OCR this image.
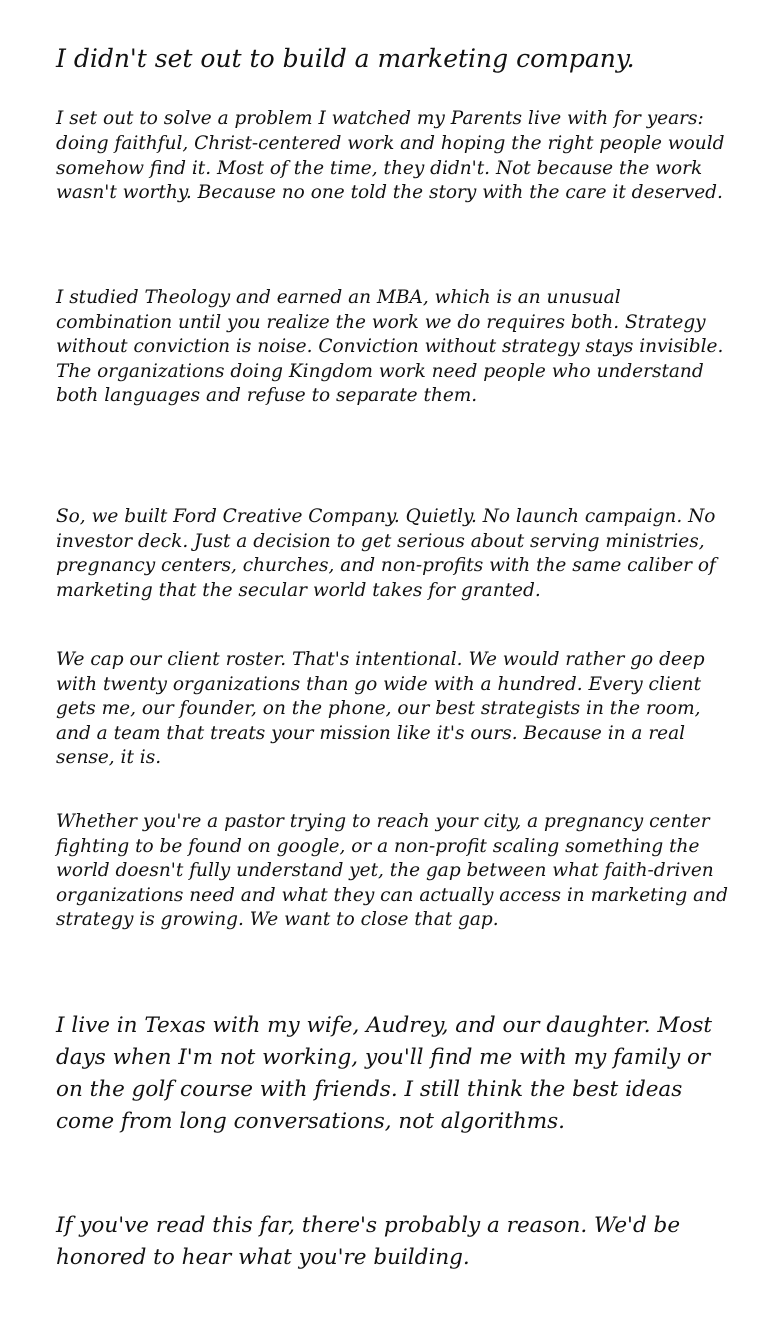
I didn't set out to build a marketing company.

I set out to solve a problem I watched my Parents live with for years: doing faithful, Christ-centered work and hoping the right people would somehow find it. Most of the time, they didn't. Not because the work wasn't worthy. Because no one told the story with the care it deserved.

I studied Theology and earned an MBA, which is an unusual combination until you realize the work we do requires both. Strategy without conviction is noise. Conviction without strategy stays invisible. The organizations doing Kingdom work need people who understand both languages and refuse to separate them.

So, we built Ford Creative Company. Quietly. No launch campaign. No investor deck. Just a decision to get serious about serving ministries, pregnancy centers, churches, and non-profits with the same caliber of marketing that the secular world takes for granted.

We cap our client roster. That's intentional. We would rather go deep with twenty organizations than go wide with a hundred. Every client gets me, our founder, on the phone, our best strategists in the room, and a team that treats your mission like it's ours. Because in a real sense, it is.

Whether you're a pastor trying to reach your city, a pregnancy center fighting to be found on google, or a non-profit scaling something the world doesn't fully understand yet, the gap between what faith-driven organizations need and what they can actually access in marketing and strategy is growing. We want to close that gap.

I live in Texas with my wife, Audrey, and our daughter. Most days when I'm not working, you'll find me with my family or on the golf course with friends. I still think the best ideas come from long conversations, not algorithms.

If you've read this far, there's probably a reason. We'd be honored to hear what you're building.
